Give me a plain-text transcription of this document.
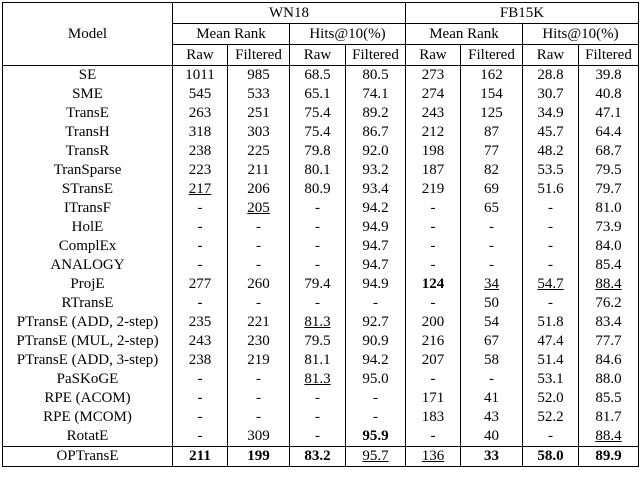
Model	WN18				FB15K			
	Mean Rank		Hits@10(%)		Mean Rank		Hits@10(%)	
	Raw	Filtered	Raw	Filtered	Raw	Filtered	Raw	Filtered
SE	1011	985	68.5	80.5	273	162	28.8	39.8
SME	545	533	65.1	74.1	274	154	30.7	40.8
TransE	263	251	75.4	89.2	243	125	34.9	47.1
TransH	318	303	75.4	86.7	212	87	45.7	64.4
TransR	238	225	79.8	92.0	198	77	48.2	68.7
TranSparse	223	211	80.1	93.2	187	82	53.5	79.5
STransE	217	206	80.9	93.4	219	69	51.6	79.7
ITransF	-	205	-	94.2	-	65	-	81.0
HolE	-	-	-	94.9	-	-	-	73.9
ComplEx	-	-	-	94.7	-	-	-	84.0
ANALOGY	-	-	-	94.7	-	-	-	85.4
ProjE	277	260	79.4	94.9	124	34	54.7	88.4
RTransE	-	-	-	-	-	50	-	76.2
PTransE (ADD, 2-step)	235	221	81.3	92.7	200	54	51.8	83.4
PTransE (MUL, 2-step)	243	230	79.5	90.9	216	67	47.4	77.7
PTransE (ADD, 3-step)	238	219	81.1	94.2	207	58	51.4	84.6
PaSKoGE	-	-	81.3	95.0	-	-	53.1	88.0
RPE (ACOM)	-	-	-	-	171	41	52.0	85.5
RPE (MCOM)	-	-	-	-	183	43	52.2	81.7
RotatE	-	309	-	95.9	-	40	-	88.4
OPTransE	211	199	83.2	95.7	136	33	58.0	89.9
